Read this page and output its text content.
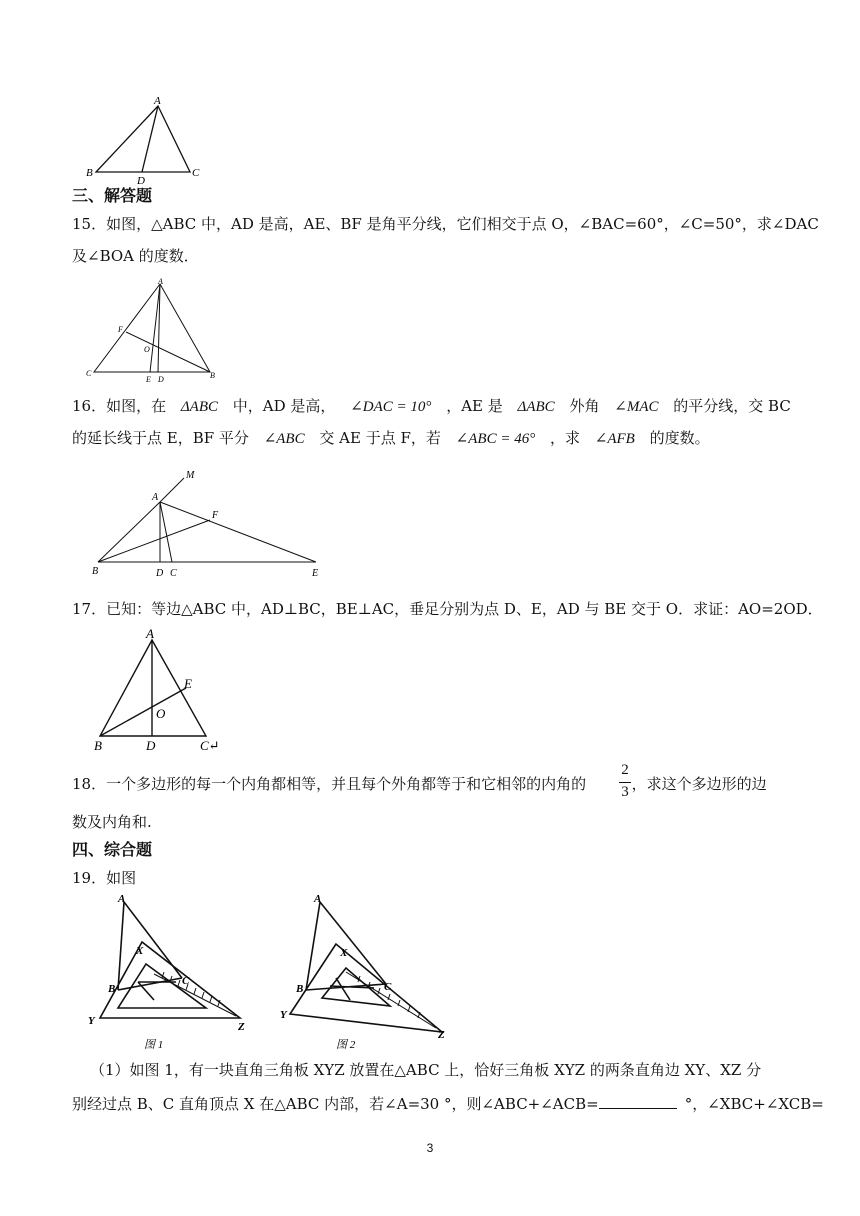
A
B	C
D
三、解答题
15．如图，△ABC 中，AD 是高，AE、BF 是角平分线，它们相交于点 O，∠BAC=60°，∠C=50°，求∠DAC
及∠BOA 的度数．
A
F
O
C
E D	B
16．如图，在 ΔABC 中，AD 是高， ∠DAC = 10° ，AE 是 ΔABC 外角 ∠MAC 的平分线，交 BC
的延长线于点 E，BF 平分 ∠ABC 交 AE 于点 F，若 ∠ABC = 46° ，求 ∠AFB 的度数。
M
A
F
B	D C	E
17．已知：等边△ABC 中，AD⊥BC，BE⊥AC，垂足分别为点 D、E，AD 与 BE 交于 O．求证：AO=2OD．
A
E
O
B	D	C↵
18．一个多边形的每一个内角都相等，并且每个外角都等于和它相邻的内角的	，求这个多边形的边
2
3
数及内角和.
四、综合题
19．如图
A
X
B
C
Y	Z
图 1
A
X
B	C
Y
Z
图 2
（1）如图 1，有一块直角三角板 XYZ 放置在△ABC 上，恰好三角板 XYZ 的两条直角边 XY、XZ 分
别经过点 B、C 直角顶点 X 在△ABC 内部，若∠A=30 °，则∠ABC+∠ACB=	°，∠XBC+∠XCB=
3
